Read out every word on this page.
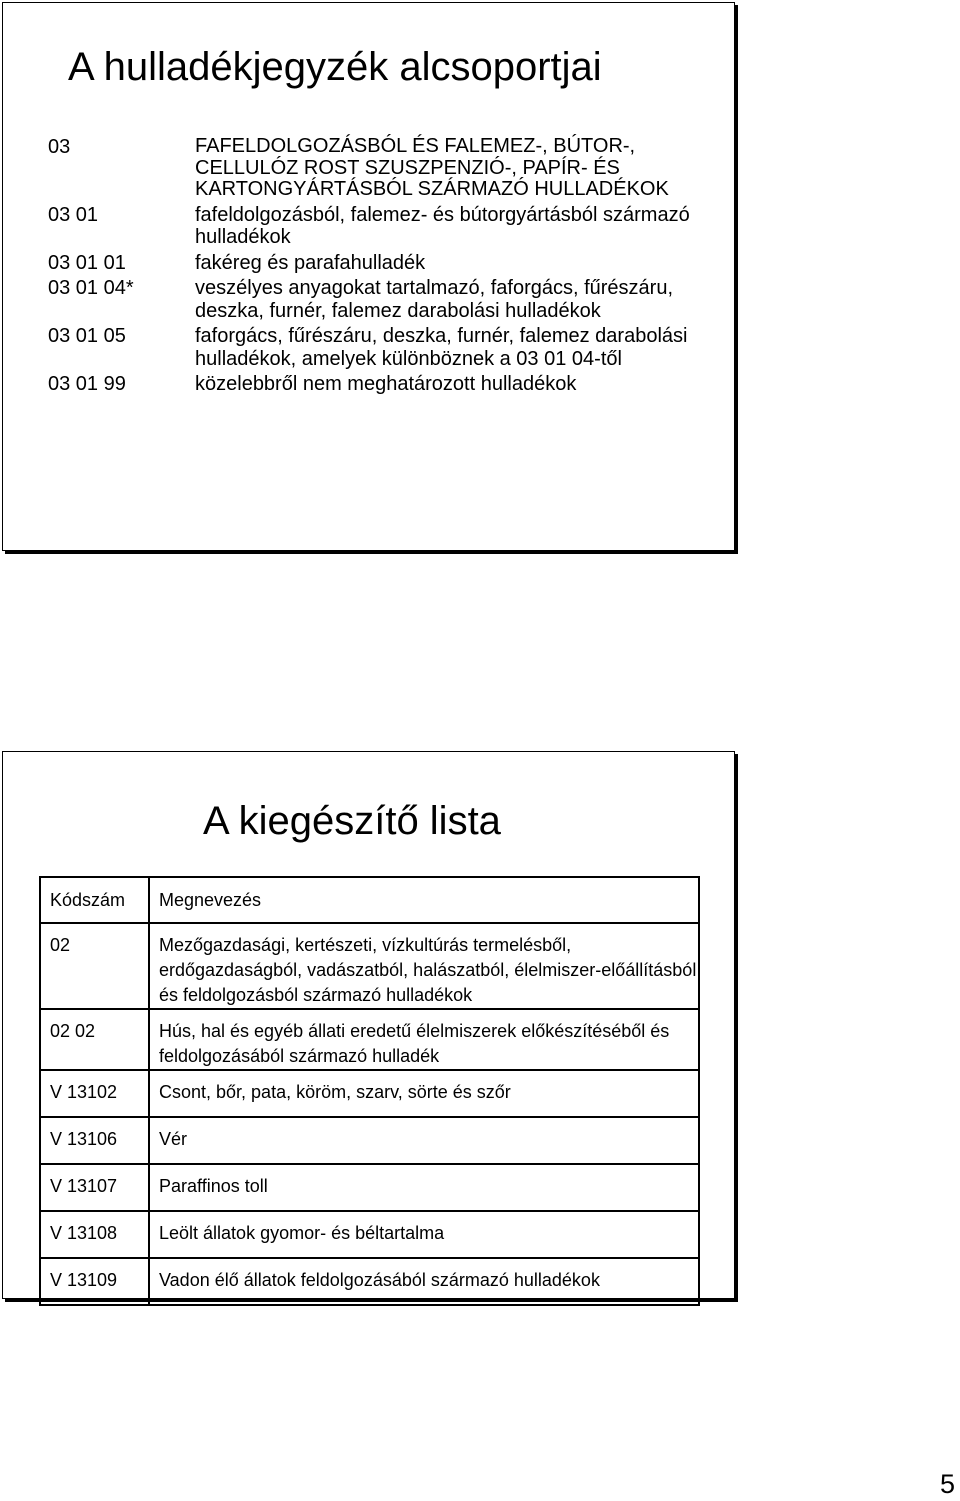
A hulladékjegyzék alcsoportjai
03	FAFELDOLGOZÁSBÓL ÉS FALEMEZ-, BÚTOR-, CELLULÓZ ROST SZUSZPENZIÓ-, PAPÍR- ÉS KARTONGYÁRTÁSBÓL SZÁRMAZÓ HULLADÉKOK
03 01	fafeldolgozásból, falemez- és bútorgyártásból származó hulladékok
03 01 01	fakéreg és parafahulladék
03 01 04*	veszélyes anyagokat tartalmazó, faforgács, fűrészáru, deszka, furnér, falemez darabolási hulladékok
03 01 05	faforgács, fűrészáru, deszka, furnér, falemez darabolási hulladékok, amelyek különböznek a 03 01 04-től
03 01 99	közelebbről nem meghatározott hulladékok
A kiegészítő lista
Kódszám	Megnevezés
02	Mezőgazdasági, kertészeti, vízkultúrás termelésből, erdőgazdaságból, vadászatból, halászatból, élelmiszer-előállításból és feldolgozásból származó hulladékok
02 02	Hús, hal és egyéb állati eredetű élelmiszerek előkészítéséből és feldolgozásából származó hulladék
V 13102	Csont, bőr, pata, köröm, szarv, sörte és szőr
V 13106	Vér
V 13107	Paraffinos toll
V 13108	Leölt állatok gyomor- és béltartalma
V 13109	Vadon élő állatok feldolgozásából származó hulladékok
5
